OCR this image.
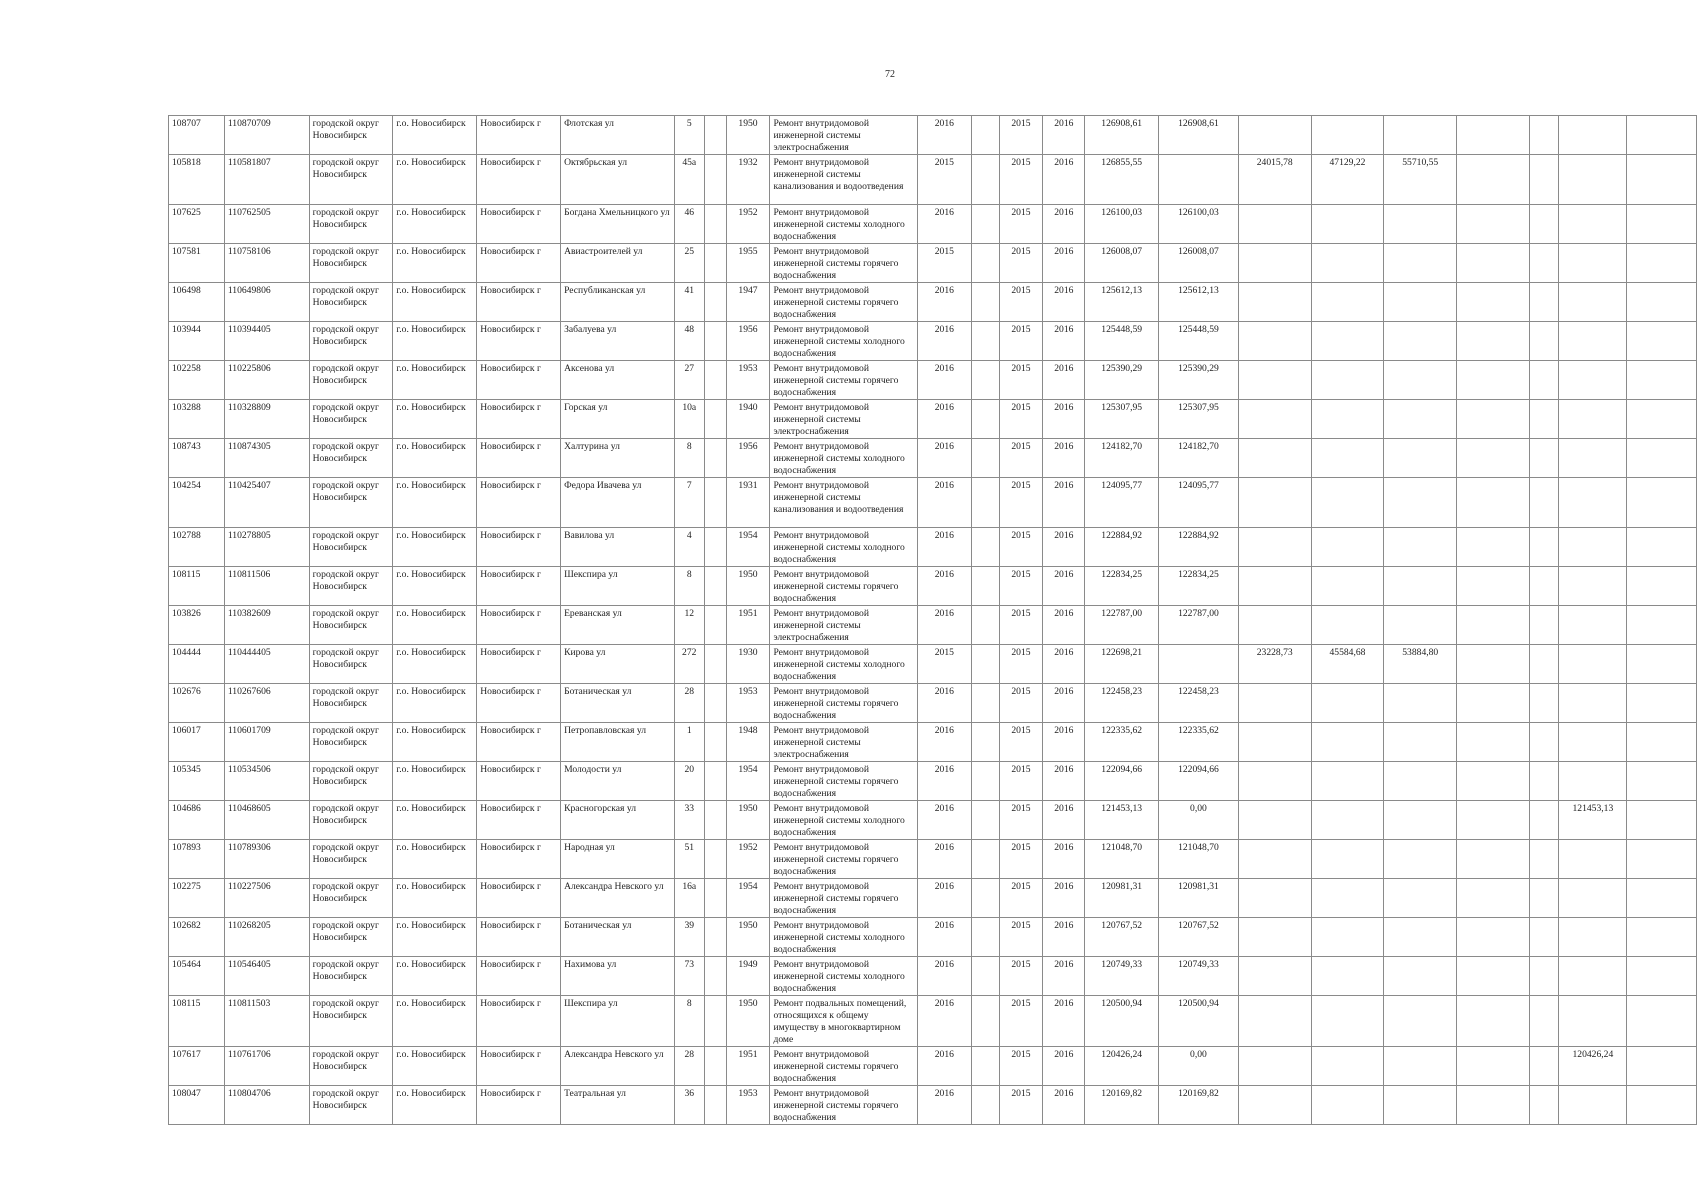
72
108707	110870709	городской округ Новосибирск	г.о. Новосибирск	Новосибирск г	Флотская ул	5		1950	Ремонт внутридомовой инженерной системы электроснабжения	2016		2015	2016	126908,61	126908,61							
105818	110581807	городской округ Новосибирск	г.о. Новосибирск	Новосибирск г	Октябрьская ул	45а		1932	Ремонт внутридомовой инженерной системы канализования и водоотведения	2015		2015	2016	126855,55		24015,78	47129,22	55710,55				
107625	110762505	городской округ Новосибирск	г.о. Новосибирск	Новосибирск г	Богдана Хмельницкого ул	46		1952	Ремонт внутридомовой инженерной системы холодного водоснабжения	2016		2015	2016	126100,03	126100,03							
107581	110758106	городской округ Новосибирск	г.о. Новосибирск	Новосибирск г	Авиастроителей ул	25		1955	Ремонт внутридомовой инженерной системы горячего водоснабжения	2015		2015	2016	126008,07	126008,07							
106498	110649806	городской округ Новосибирск	г.о. Новосибирск	Новосибирск г	Республиканская ул	41		1947	Ремонт внутридомовой инженерной системы горячего водоснабжения	2016		2015	2016	125612,13	125612,13							
103944	110394405	городской округ Новосибирск	г.о. Новосибирск	Новосибирск г	Забалуева ул	48		1956	Ремонт внутридомовой инженерной системы холодного водоснабжения	2016		2015	2016	125448,59	125448,59							
102258	110225806	городской округ Новосибирск	г.о. Новосибирск	Новосибирск г	Аксенова ул	27		1953	Ремонт внутридомовой инженерной системы горячего водоснабжения	2016		2015	2016	125390,29	125390,29							
103288	110328809	городской округ Новосибирск	г.о. Новосибирск	Новосибирск г	Горская ул	10а		1940	Ремонт внутридомовой инженерной системы электроснабжения	2016		2015	2016	125307,95	125307,95							
108743	110874305	городской округ Новосибирск	г.о. Новосибирск	Новосибирск г	Халтурина ул	8		1956	Ремонт внутридомовой инженерной системы холодного водоснабжения	2016		2015	2016	124182,70	124182,70							
104254	110425407	городской округ Новосибирск	г.о. Новосибирск	Новосибирск г	Федора Ивачева ул	7		1931	Ремонт внутридомовой инженерной системы канализования и водоотведения	2016		2015	2016	124095,77	124095,77							
102788	110278805	городской округ Новосибирск	г.о. Новосибирск	Новосибирск г	Вавилова ул	4		1954	Ремонт внутридомовой инженерной системы холодного водоснабжения	2016		2015	2016	122884,92	122884,92							
108115	110811506	городской округ Новосибирск	г.о. Новосибирск	Новосибирск г	Шекспира ул	8		1950	Ремонт внутридомовой инженерной системы горячего водоснабжения	2016		2015	2016	122834,25	122834,25							
103826	110382609	городской округ Новосибирск	г.о. Новосибирск	Новосибирск г	Ереванская ул	12		1951	Ремонт внутридомовой инженерной системы электроснабжения	2016		2015	2016	122787,00	122787,00							
104444	110444405	городской округ Новосибирск	г.о. Новосибирск	Новосибирск г	Кирова ул	272		1930	Ремонт внутридомовой инженерной системы холодного водоснабжения	2015		2015	2016	122698,21		23228,73	45584,68	53884,80				
102676	110267606	городской округ Новосибирск	г.о. Новосибирск	Новосибирск г	Ботаническая ул	28		1953	Ремонт внутридомовой инженерной системы горячего водоснабжения	2016		2015	2016	122458,23	122458,23							
106017	110601709	городской округ Новосибирск	г.о. Новосибирск	Новосибирск г	Петропавловская ул	1		1948	Ремонт внутридомовой инженерной системы электроснабжения	2016		2015	2016	122335,62	122335,62							
105345	110534506	городской округ Новосибирск	г.о. Новосибирск	Новосибирск г	Молодости ул	20		1954	Ремонт внутридомовой инженерной системы горячего водоснабжения	2016		2015	2016	122094,66	122094,66							
104686	110468605	городской округ Новосибирск	г.о. Новосибирск	Новосибирск г	Красногорская ул	33		1950	Ремонт внутридомовой инженерной системы холодного водоснабжения	2016		2015	2016	121453,13	0,00						121453,13	
107893	110789306	городской округ Новосибирск	г.о. Новосибирск	Новосибирск г	Народная ул	51		1952	Ремонт внутридомовой инженерной системы горячего водоснабжения	2016		2015	2016	121048,70	121048,70							
102275	110227506	городской округ Новосибирск	г.о. Новосибирск	Новосибирск г	Александра Невского ул	16а		1954	Ремонт внутридомовой инженерной системы горячего водоснабжения	2016		2015	2016	120981,31	120981,31							
102682	110268205	городской округ Новосибирск	г.о. Новосибирск	Новосибирск г	Ботаническая ул	39		1950	Ремонт внутридомовой инженерной системы холодного водоснабжения	2016		2015	2016	120767,52	120767,52							
105464	110546405	городской округ Новосибирск	г.о. Новосибирск	Новосибирск г	Нахимова ул	73		1949	Ремонт внутридомовой инженерной системы холодного водоснабжения	2016		2015	2016	120749,33	120749,33							
108115	110811503	городской округ Новосибирск	г.о. Новосибирск	Новосибирск г	Шекспира ул	8		1950	Ремонт подвальных помещений, относящихся к общему имуществу в многоквартирном доме	2016		2015	2016	120500,94	120500,94							
107617	110761706	городской округ Новосибирск	г.о. Новосибирск	Новосибирск г	Александра Невского ул	28		1951	Ремонт внутридомовой инженерной системы горячего водоснабжения	2016		2015	2016	120426,24	0,00						120426,24	
108047	110804706	городской округ Новосибирск	г.о. Новосибирск	Новосибирск г	Театральная ул	36		1953	Ремонт внутридомовой инженерной системы горячего водоснабжения	2016		2015	2016	120169,82	120169,82							
